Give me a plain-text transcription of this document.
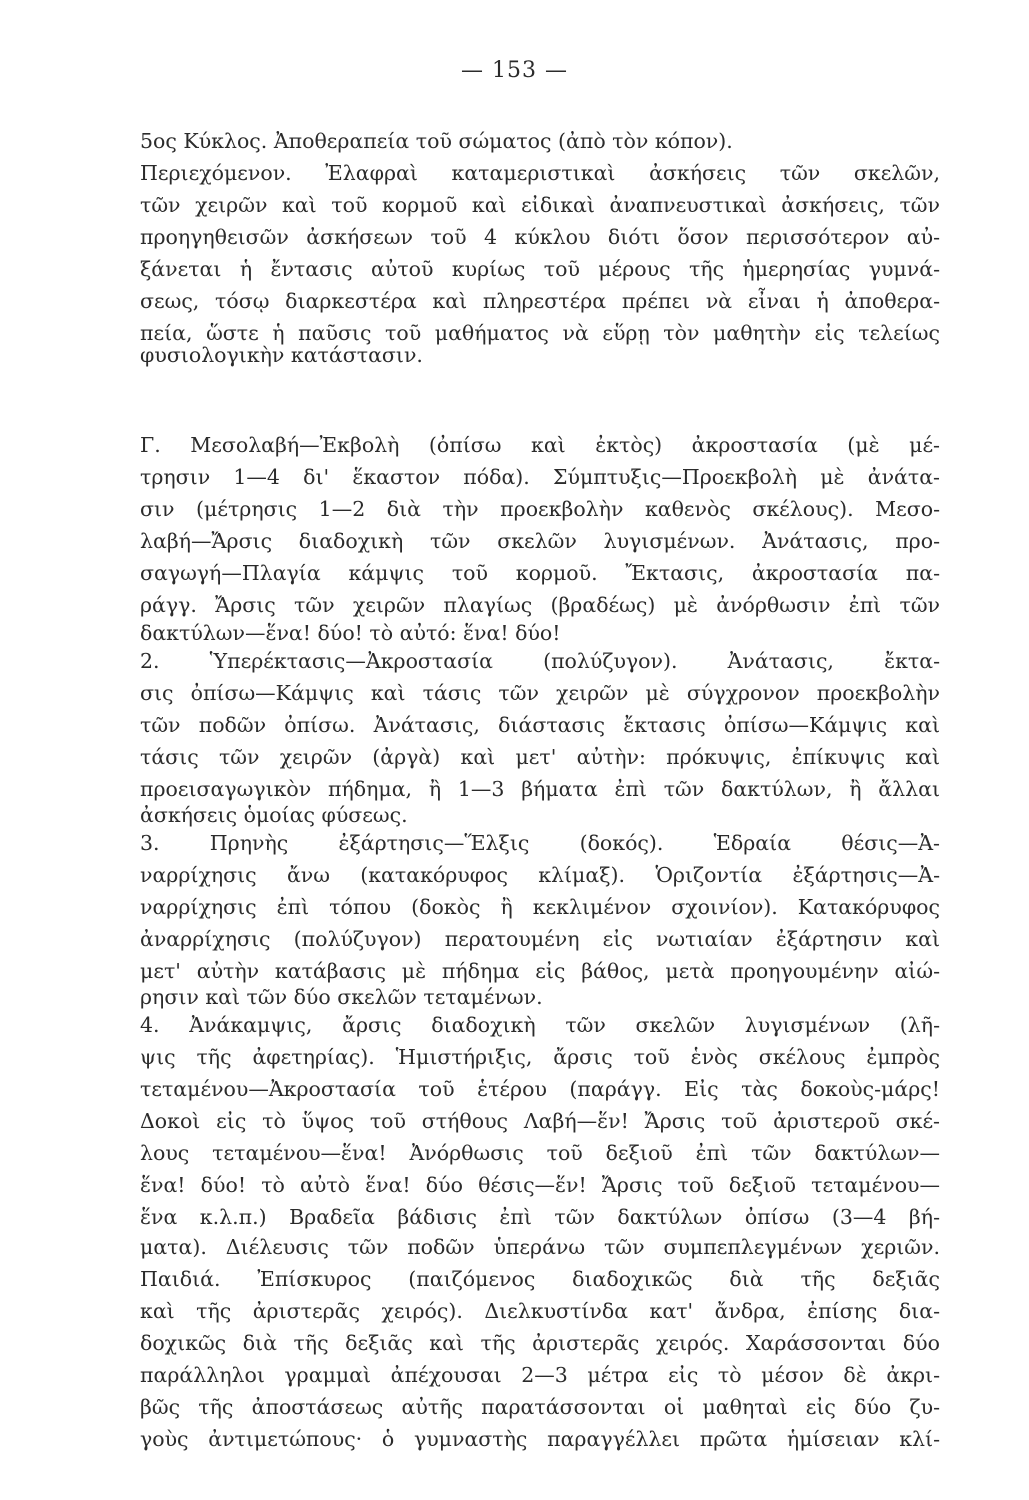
— 153 —
5ος Κύκλος. Ἀποθεραπεία τοῦ σώματος (ἀπὸ τὸν κόπον).
Περιεχόμενον. Ἐλαφραὶ καταμεριστικαὶ ἀσκήσεις τῶν σκελῶν,
τῶν χειρῶν καὶ τοῦ κορμοῦ καὶ εἰδικαὶ ἀναπνευστικαὶ ἀσκήσεις, τῶν
προηγηθεισῶν ἀσκήσεων τοῦ 4 κύκλου διότι ὅσον περισσότερον αὐ-
ξάνεται ἡ ἔντασις αὐτοῦ κυρίως τοῦ μέρους τῆς ἡμερησίας γυμνά-
σεως, τόσῳ διαρκεστέρα καὶ πληρεστέρα πρέπει νὰ εἶναι ἡ ἀποθερα-
πεία, ὥστε ἡ παῦσις τοῦ μαθήματος νὰ εὕρῃ τὸν μαθητὴν εἰς τελείως
φυσιολογικὴν κατάστασιν.
Γ. Μεσολαβή—Ἐκβολὴ (ὀπίσω καὶ ἐκτὸς) ἀκροστασία (μὲ μέ-
τρησιν 1—4 δι' ἕκαστον πόδα). Σύμπτυξις—Προεκβολὴ μὲ ἀνάτα-
σιν (μέτρησις 1—2 διὰ τὴν προεκβολὴν καθενὸς σκέλους). Μεσο-
λαβή—Ἄρσις διαδοχικὴ τῶν σκελῶν λυγισμένων. Ἀνάτασις, προ-
σαγωγή—Πλαγία κάμψις τοῦ κορμοῦ. Ἔκτασις, ἀκροστασία πα-
ράγγ. Ἄρσις τῶν χειρῶν πλαγίως (βραδέως) μὲ ἀνόρθωσιν ἐπὶ τῶν
δακτύλων—ἕνα! δύο! τὸ αὐτό: ἕνα! δύο!
2. Ὑπερέκτασις—Ἀκροστασία (πολύζυγον). Ἀνάτασις, ἔκτα-
σις ὀπίσω—Κάμψις καὶ τάσις τῶν χειρῶν μὲ σύγχρονον προεκβολὴν
τῶν ποδῶν ὀπίσω. Ἀνάτασις, διάστασις ἔκτασις ὀπίσω—Κάμψις καὶ
τάσις τῶν χειρῶν (ἀργὰ) καὶ μετ' αὐτὴν: πρόκυψις, ἐπίκυψις καὶ
προεισαγωγικὸν πήδημα, ἢ 1—3 βήματα ἐπὶ τῶν δακτύλων, ἢ ἄλλαι
ἀσκήσεις ὁμοίας φύσεως.
3. Πρηνὴς ἐξάρτησις—Ἕλξις (δοκός). Ἑδραία θέσις—Ἀ-
ναρρίχησις ἄνω (κατακόρυφος κλίμαξ). Ὁριζοντία ἐξάρτησις—Ἀ-
ναρρίχησις ἐπὶ τόπου (δοκὸς ἢ κεκλιμένον σχοινίον). Κατακόρυφος
ἀναρρίχησις (πολύζυγον) περατουμένη εἰς νωτιαίαν ἐξάρτησιν καὶ
μετ' αὐτὴν κατάβασις μὲ πήδημα εἰς βάθος, μετὰ προηγουμένην αἰώ-
ρησιν καὶ τῶν δύο σκελῶν τεταμένων.
4. Ἀνάκαμψις, ἄρσις διαδοχικὴ τῶν σκελῶν λυγισμένων (λῆ-
ψις τῆς ἀφετηρίας). Ἡμιστήριξις, ἄρσις τοῦ ἑνὸς σκέλους ἐμπρὸς
τεταμένου—Ἀκροστασία τοῦ ἑτέρου (παράγγ. Εἰς τὰς δοκοὺς-μάρς!
Δοκοὶ εἰς τὸ ὕψος τοῦ στήθους Λαβή—ἕν! Ἄρσις τοῦ ἀριστεροῦ σκέ-
λους τεταμένου—ἕνα! Ἀνόρθωσις τοῦ δεξιοῦ ἐπὶ τῶν δακτύλων—
ἕνα! δύο! τὸ αὐτὸ ἕνα! δύο θέσις—ἕν! Ἄρσις τοῦ δεξιοῦ τεταμένου—
ἕνα κ.λ.π.) Βραδεῖα βάδισις ἐπὶ τῶν δακτύλων ὀπίσω (3—4 βή-
ματα). Διέλευσις τῶν ποδῶν ὑπεράνω τῶν συμπεπλεγμένων χεριῶν.
Παιδιά. Ἐπίσκυρος (παιζόμενος διαδοχικῶς διὰ τῆς δεξιᾶς
καὶ τῆς ἀριστερᾶς χειρός). Διελκυστίνδα κατ' ἄνδρα, ἐπίσης δια-
δοχικῶς διὰ τῆς δεξιᾶς καὶ τῆς ἀριστερᾶς χειρός. Χαράσσονται δύο
παράλληλοι γραμμαὶ ἀπέχουσαι 2—3 μέτρα εἰς τὸ μέσον δὲ ἀκρι-
βῶς τῆς ἀποστάσεως αὐτῆς παρατάσσονται οἱ μαθηταὶ εἰς δύο ζυ-
γοὺς ἀντιμετώπους· ὁ γυμναστὴς παραγγέλλει πρῶτα ἡμίσειαν κλί-
